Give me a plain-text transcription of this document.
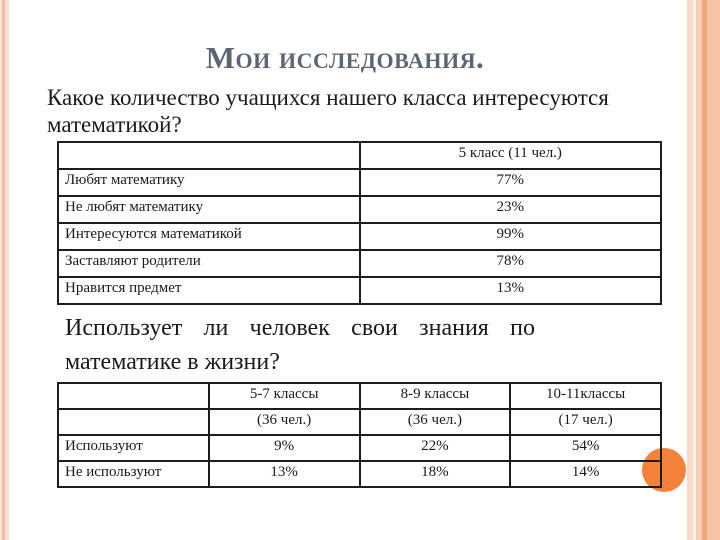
Мои исследования.
Какое количество учащихся нашего класса интересуются
математикой?
	5 класс (11 чел.)
Любят математику	77%
Не любят математику	23%
Интересуются математикой	99%
Заставляют родители	78%
Нравится предмет	13%
Использует ли человек свои знания по
математике в жизни?
	5-7 классы	8-9 классы	10-11классы
	(36 чел.)	(36 чел.)	(17 чел.)
Используют	9%	22%	54%
Не используют	13%	18%	14%
